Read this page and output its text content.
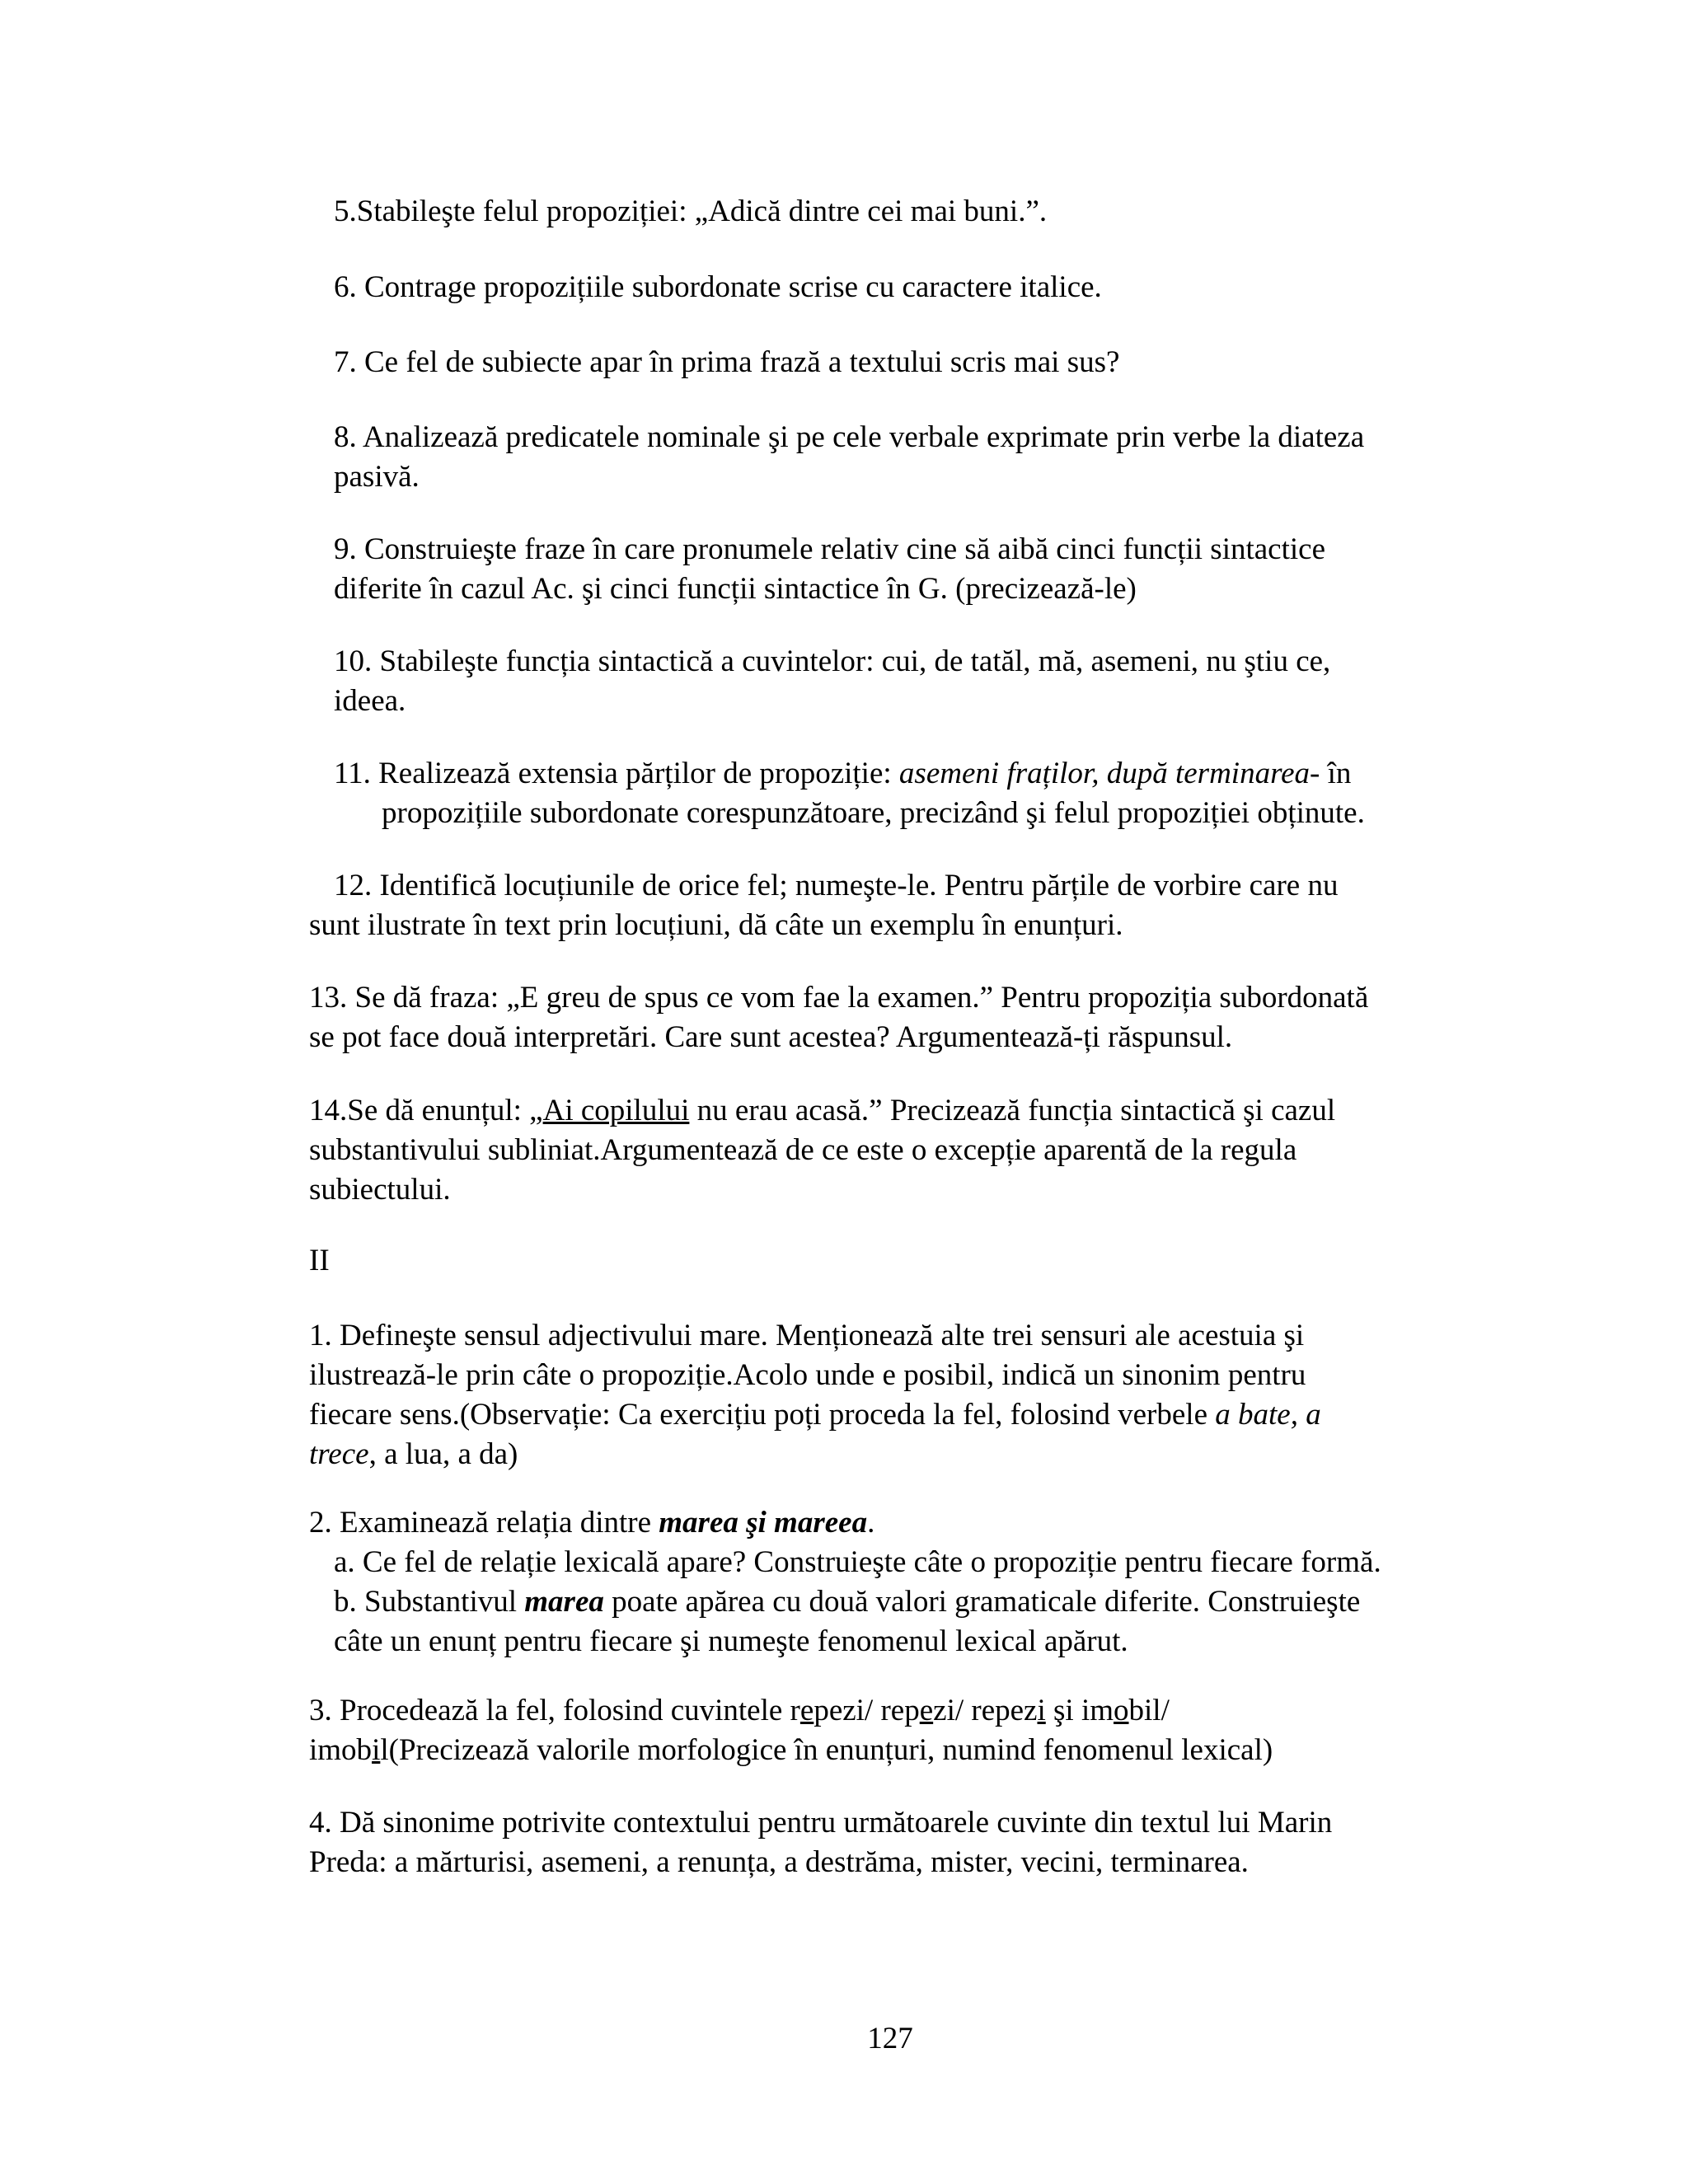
5.Stabileşte felul propoziției: „Adică dintre cei mai buni.”.

6. Contrage propozițiile subordonate scrise cu caractere italice.

7. Ce fel de subiecte apar în prima frază a textului scris mai sus?

8. Analizează predicatele nominale şi pe cele verbale exprimate prin verbe la diateza
pasivă.
9. Construieşte fraze în care pronumele relativ cine să aibă cinci funcții sintactice
diferite în cazul Ac. şi cinci funcții sintactice în G. (precizează-le)
10. Stabileşte funcția sintactică a cuvintelor: cui, de tatăl, mă, asemeni, nu ştiu ce,
ideea.
11. Realizează extensia părților de propoziție: asemeni fraților, după terminarea- în
propozițiile subordonate corespunzătoare, precizând şi felul propoziției obținute.
12. Identifică locuțiunile de orice fel; numeşte-le. Pentru părțile de vorbire care nu
sunt ilustrate în text prin locuțiuni, dă câte un exemplu în enunțuri.
13. Se dă fraza: „E greu de spus ce vom fae la examen.” Pentru propoziția subordonată
se pot face două interpretări. Care sunt acestea? Argumentează-ți răspunsul.
14.Se dă enunțul: „Ai copilului nu erau acasă.” Precizează funcția sintactică şi cazul
substantivului subliniat.Argumentează de ce este o excepție aparentă de la regula
subiectului.

II

1. Defineşte sensul adjectivului mare. Menționează alte trei sensuri ale acestuia şi
ilustrează-le prin câte o propoziție.Acolo unde e posibil, indică un sinonim pentru
fiecare sens.(Observație: Ca exercițiu poți proceda la fel, folosind verbele a bate, a
trece, a lua, a da)
2. Examinează relația dintre marea şi mareea.
a. Ce fel de relație lexicală apare? Construieşte câte o propoziție pentru fiecare formă.
b. Substantivul marea poate apărea cu două valori gramaticale diferite. Construieşte
câte un enunț pentru fiecare şi numeşte fenomenul lexical apărut.
3. Procedează la fel, folosind cuvintele repezi/ repezi/ repezi şi imobil/
imobil(Precizează valorile morfologice în enunțuri, numind fenomenul lexical)
4. Dă sinonime potrivite contextului pentru următoarele cuvinte din textul lui Marin
Preda: a mărturisi, asemeni, a renunța, a destrăma, mister, vecini, terminarea.

127
